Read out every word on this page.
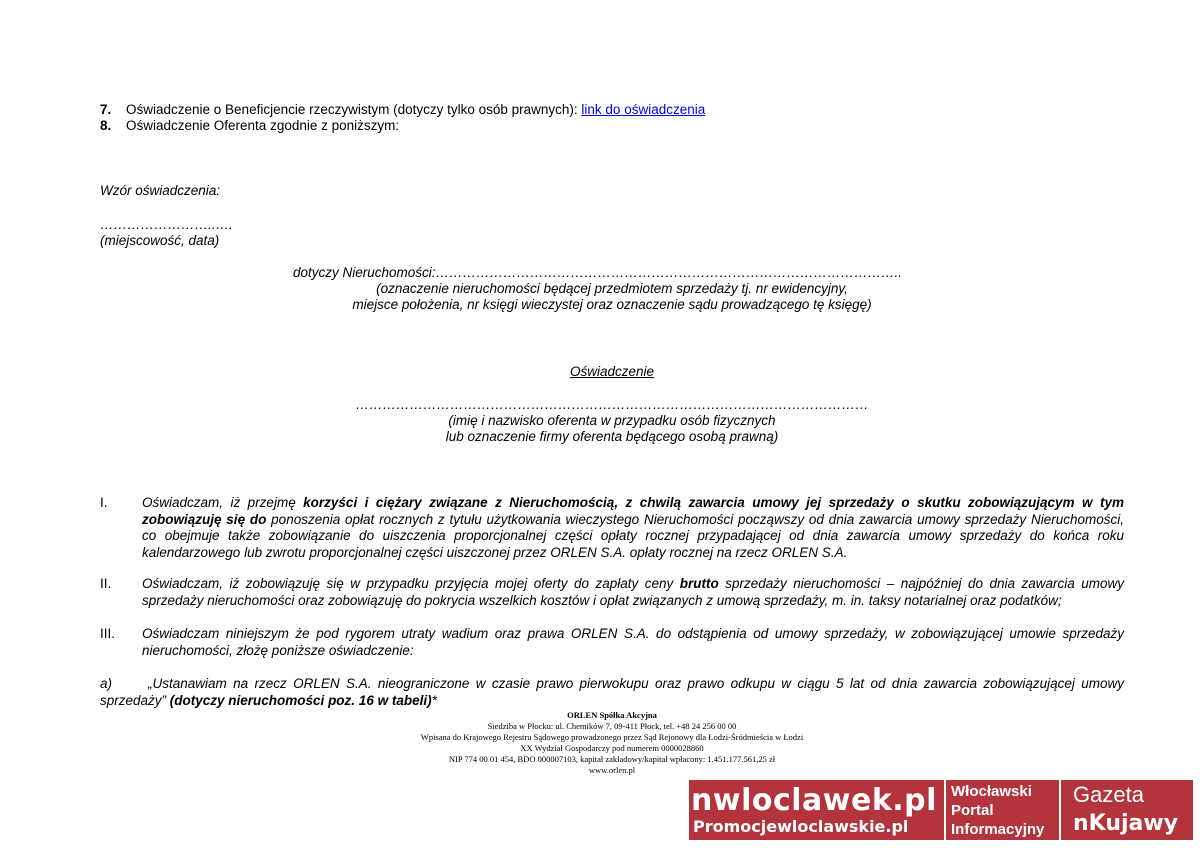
7. Oświadczenie o Beneficjencie rzeczywistym (dotyczy tylko osób prawnych): link do oświadczenia
8. Oświadczenie Oferenta zgodnie z poniższym:
Wzór oświadczenia:
……………………..….
(miejscowość, data)
dotyczy Nieruchomości:…………………………………………………………………………………………..
(oznaczenie nieruchomości będącej przedmiotem sprzedaży tj. nr ewidencyjny,
miejsce położenia, nr księgi wieczystej oraz oznaczenie sądu prowadzącego tę księgę)
Oświadczenie
……………………………………………………………………………………………………
(imię i nazwisko oferenta w przypadku osób fizycznych
lub oznaczenie firmy oferenta będącego osobą prawną)
I.	Oświadczam, iż przejmę korzyści i ciężary związane z Nieruchomością, z chwilą zawarcia umowy jej sprzedaży o skutku zobowiązującym w tym zobowiązuję się do ponoszenia opłat rocznych z tytułu użytkowania wieczystego Nieruchomości począwszy od dnia zawarcia umowy sprzedaży Nieruchomości, co obejmuje także zobowiązanie do uiszczenia proporcjonalnej części opłaty rocznej przypadającej od dnia zawarcia umowy sprzedaży do końca roku kalendarzowego lub zwrotu proporcjonalnej części uiszczonej przez ORLEN S.A. opłaty rocznej na rzecz ORLEN S.A.
II. Oświadczam, iż zobowiązuję się w przypadku przyjęcia mojej oferty do zapłaty ceny brutto sprzedaży nieruchomości – najpóźniej do dnia zawarcia umowy sprzedaży nieruchomości oraz zobowiązuję do pokrycia wszelkich kosztów i opłat związanych z umową sprzedaży, m. in. taksy notarialnej oraz podatków;
III. Oświadczam niniejszym że pod rygorem utraty wadium oraz prawa ORLEN S.A. do odstąpienia od umowy sprzedaży, w zobowiązującej umowie sprzedaży nieruchomości, złożę poniższe oświadczenie:
a)	„Ustanawiam na rzecz ORLEN S.A. nieograniczone w czasie prawo pierwokupu oraz prawo odkupu w ciągu 5 lat od dnia zawarcia zobowiązującej umowy sprzedaży” (dotyczy nieruchomości poz. 16 w tabeli)*
ORLEN Spółka Akcyjna
Siedziba w Płocku: ul. Chemików 7, 09-411 Płock, tel. +48 24 256 00 00
Wpisana do Krajowego Rejestru Sądowego prowadzonego przez Sąd Rejonowy dla Łodzi-Śródmieścia w Łodzi
XX Wydział Gospodarczy pod numerem 0000028860
NIP 774 00 01 454, BDO 000007103, kapitał zakładowy/kapitał wpłacony: 1.451.177.561,25 zł
www.orlen.pl
nwloclawek.pl
Promocjewloclawskie.pl
Włocławski
Portal
Informacyjny
Gazeta
nKujawy
